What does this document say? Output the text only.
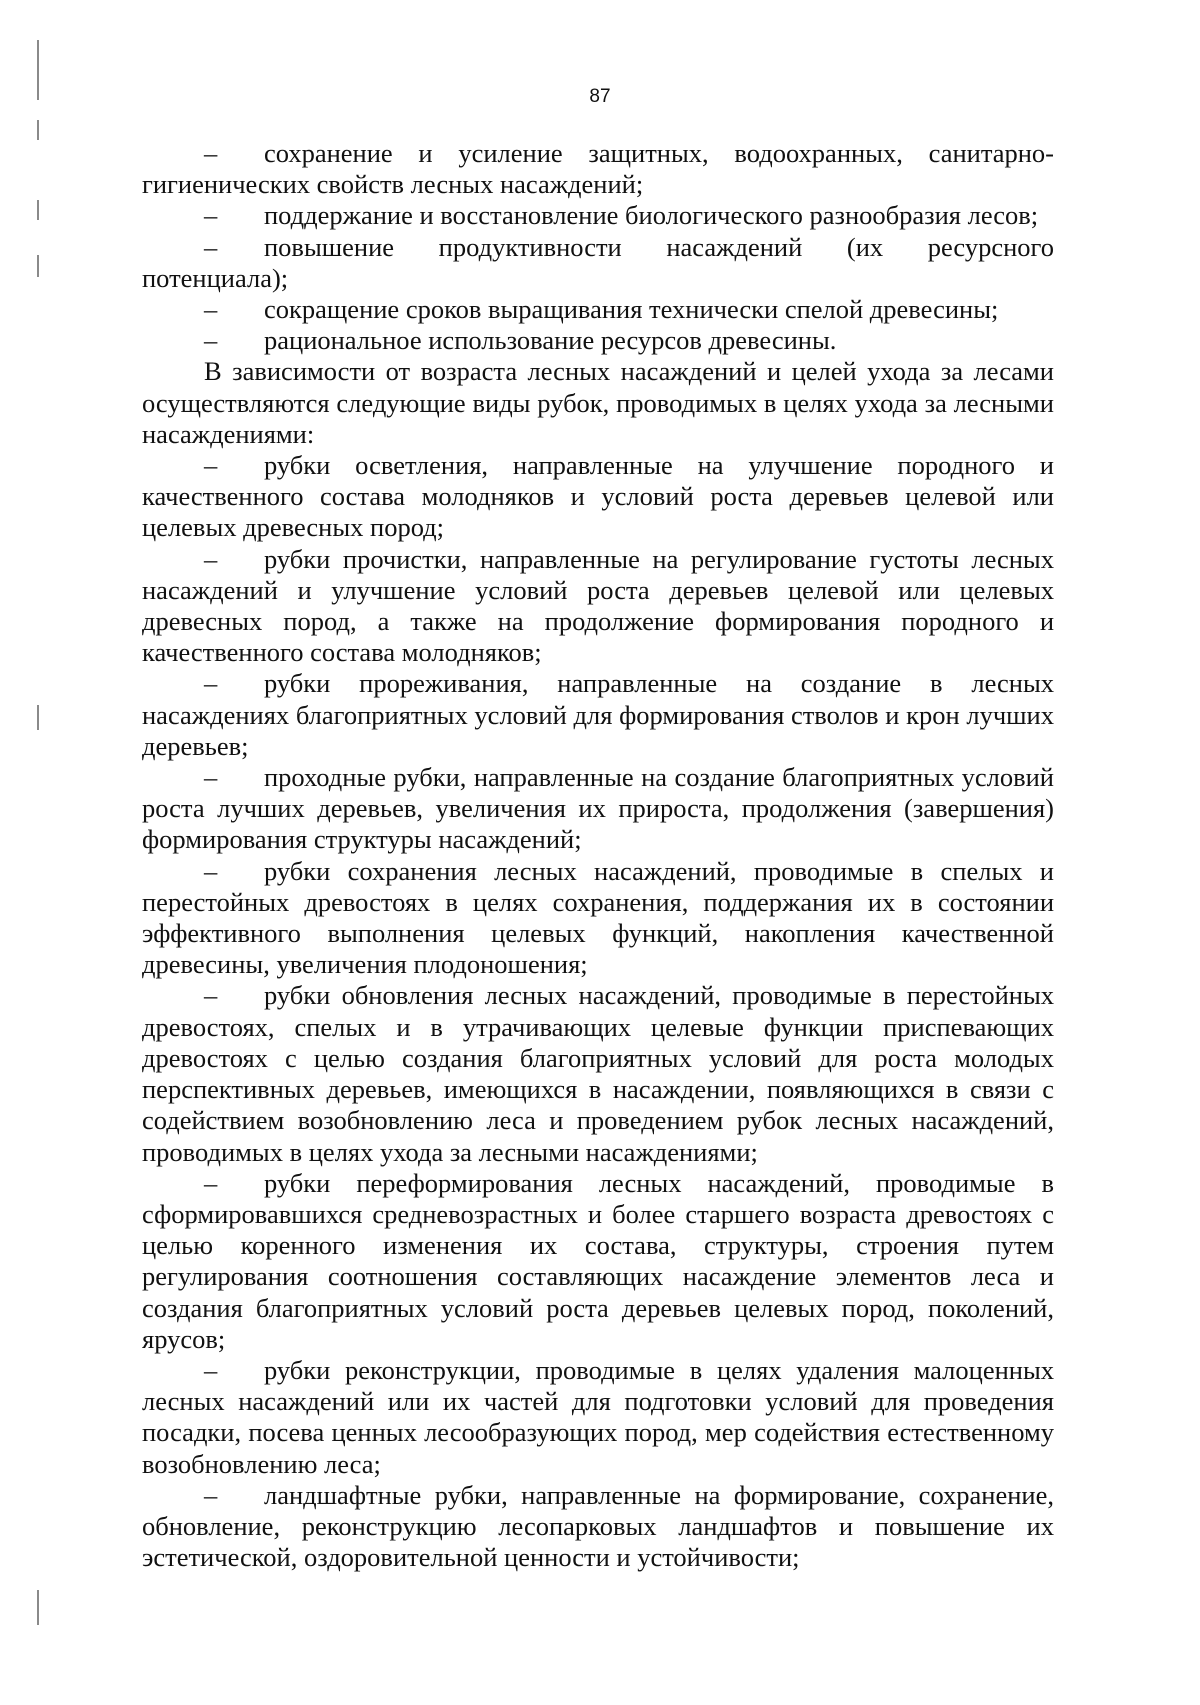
87

– сохранение и усиление защитных, водоохранных, санитарно-гигиенических свойств лесных насаждений;

– поддержание и восстановление биологического разнообразия лесов;

– повышение продуктивности насаждений (их ресурсного потенциала);

– сокращение сроков выращивания технически спелой древесины;

– рациональное использование ресурсов древесины.

В зависимости от возраста лесных насаждений и целей ухода за лесами осуществляются следующие виды рубок, проводимых в целях ухода за лесными насаждениями:

– рубки осветления, направленные на улучшение породного и качественного состава молодняков и условий роста деревьев целевой или целевых древесных пород;

– рубки прочистки, направленные на регулирование густоты лесных насаждений и улучшение условий роста деревьев целевой или целевых древесных пород, а также на продолжение формирования породного и качественного состава молодняков;

– рубки прореживания, направленные на создание в лесных насаждениях благоприятных условий для формирования стволов и крон лучших деревьев;

– проходные рубки, направленные на создание благоприятных условий роста лучших деревьев, увеличения их прироста, продолжения (завершения) формирования структуры насаждений;

– рубки сохранения лесных насаждений, проводимые в спелых и перестойных древостоях в целях сохранения, поддержания их в состоянии эффективного выполнения целевых функций, накопления качественной древесины, увеличения плодоношения;

– рубки обновления лесных насаждений, проводимые в перестойных древостоях, спелых и в утрачивающих целевые функции приспевающих древостоях с целью создания благоприятных условий для роста молодых перспективных деревьев, имеющихся в насаждении, появляющихся в связи с содействием возобновлению леса и проведением рубок лесных насаждений, проводимых в целях ухода за лесными насаждениями;

– рубки переформирования лесных насаждений, проводимые в сформировавшихся средневозрастных и более старшего возраста древостоях с целью коренного изменения их состава, структуры, строения путем регулирования соотношения составляющих насаждение элементов леса и создания благоприятных условий роста деревьев целевых пород, поколений, ярусов;

– рубки реконструкции, проводимые в целях удаления малоценных лесных насаждений или их частей для подготовки условий для проведения посадки, посева ценных лесообразующих пород, мер содействия естественному возобновлению леса;

– ландшафтные рубки, направленные на формирование, сохранение, обновление, реконструкцию лесопарковых ландшафтов и повышение их эстетической, оздоровительной ценности и устойчивости;
